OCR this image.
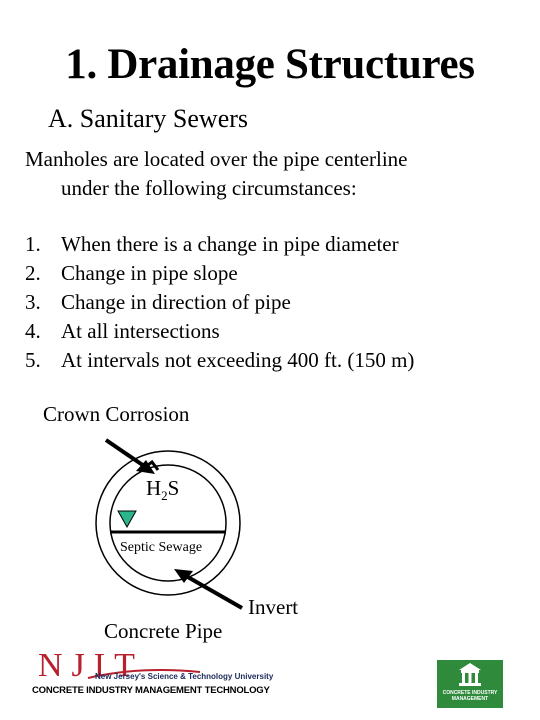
1. Drainage Structures
A. Sanitary Sewers
Manholes are located over the pipe centerline
under the following circumstances:
1. When there is a change in pipe diameter
2. Change in pipe slope
3. Change in direction of pipe
4. At all intersections
5. At intervals not exceeding 400 ft. (150 m)
Crown Corrosion
$H_2S$
Septic Sewage
Invert
Concrete Pipe
NJIT
New Jersey's Science & Technology University
CONCRETE INDUSTRY MANAGEMENT TECHNOLOGY	CONCRETE INDUSTRY
MANAGEMENT
